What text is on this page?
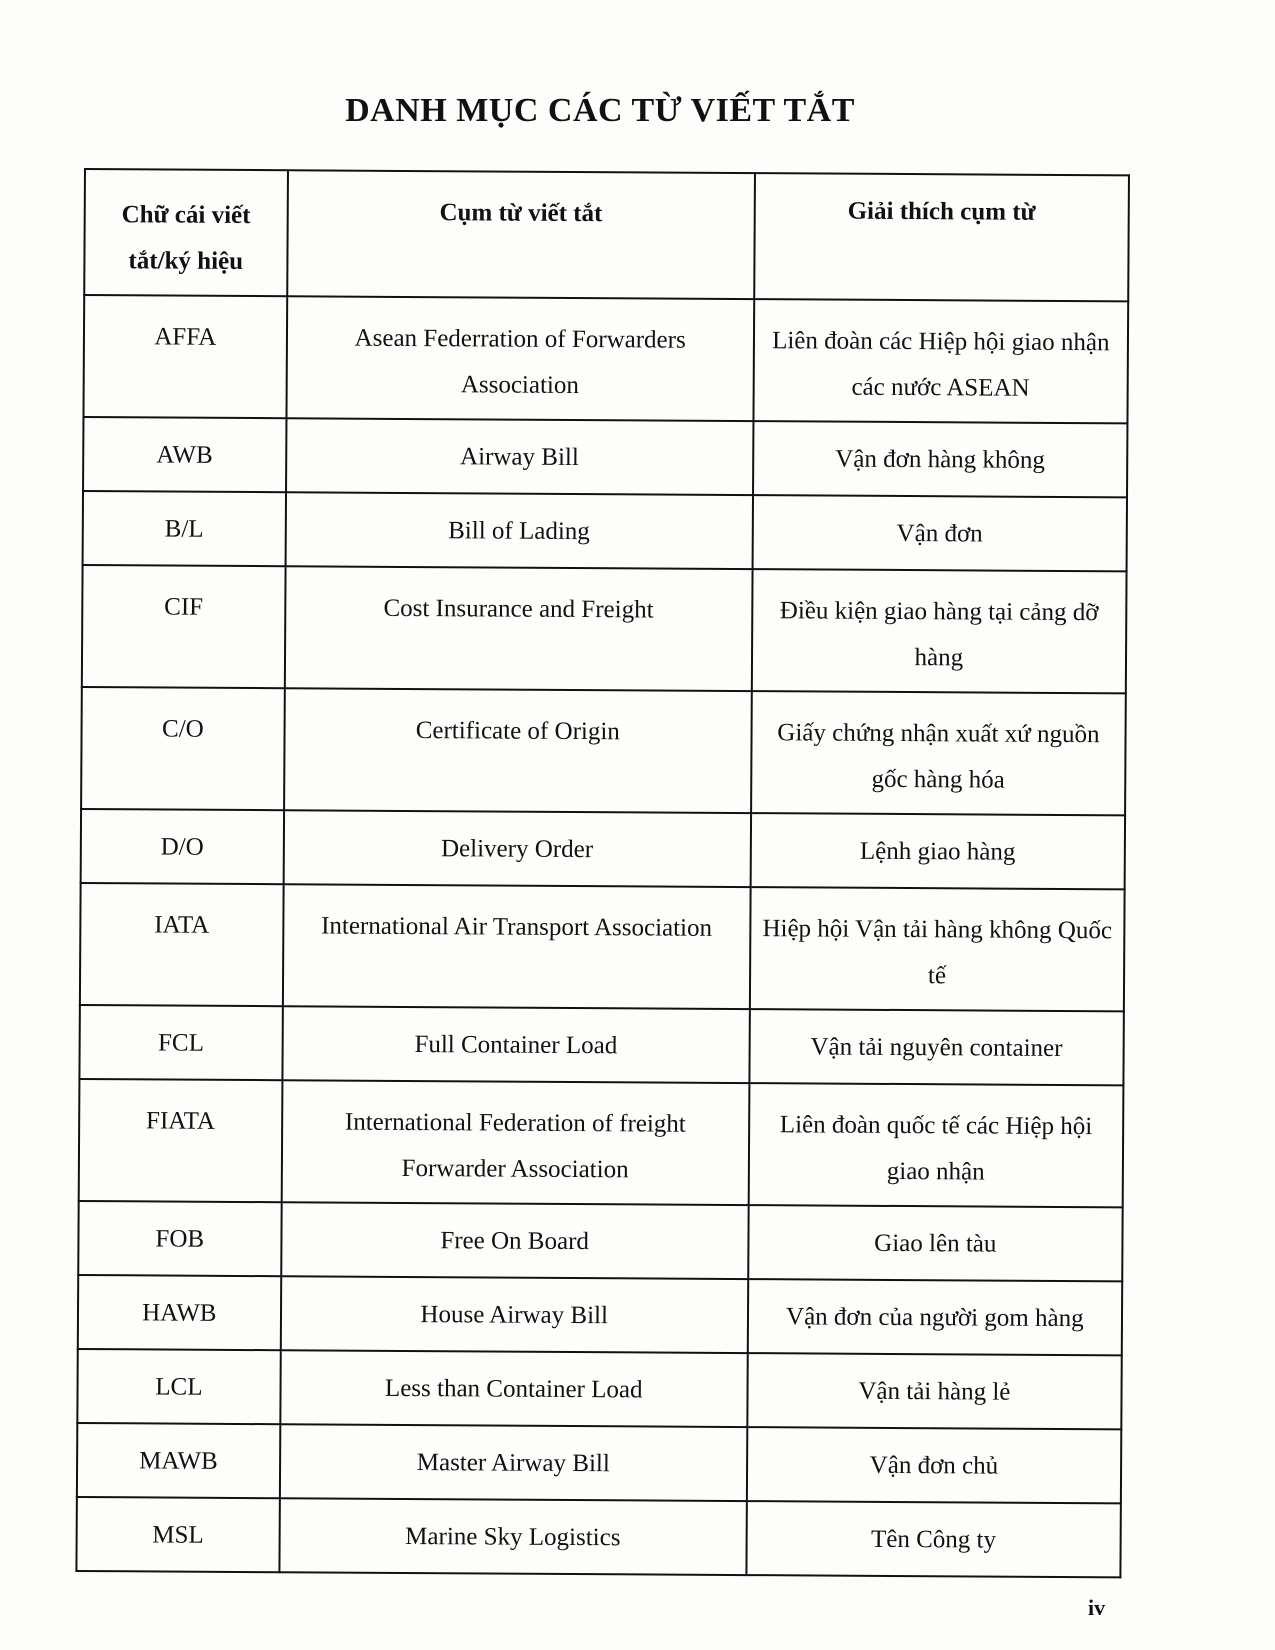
DANH MỤC CÁC TỪ VIẾT TẮT
Chữ cái viết tắt/ký hiệu	Cụm từ viết tắt	Giải thích cụm từ
AFFA	Asean Federration of Forwarders Association	Liên đoàn các Hiệp hội giao nhận các nước ASEAN
AWB	Airway Bill	Vận đơn hàng không
B/L	Bill of Lading	Vận đơn
CIF	Cost Insurance and Freight	Điều kiện giao hàng tại cảng dỡ hàng
C/O	Certificate of Origin	Giấy chứng nhận xuất xứ nguồn gốc hàng hóa
D/O	Delivery Order	Lệnh giao hàng
IATA	International Air Transport Association	Hiệp hội Vận tải hàng không Quốc tế
FCL	Full Container Load	Vận tải nguyên container
FIATA	International Federation of freight Forwarder Association	Liên đoàn quốc tế các Hiệp hội giao nhận
FOB	Free On Board	Giao lên tàu
HAWB	House Airway Bill	Vận đơn của người gom hàng
LCL	Less than Container Load	Vận tải hàng lẻ
MAWB	Master Airway Bill	Vận đơn chủ
MSL	Marine Sky Logistics	Tên Công ty
iv
